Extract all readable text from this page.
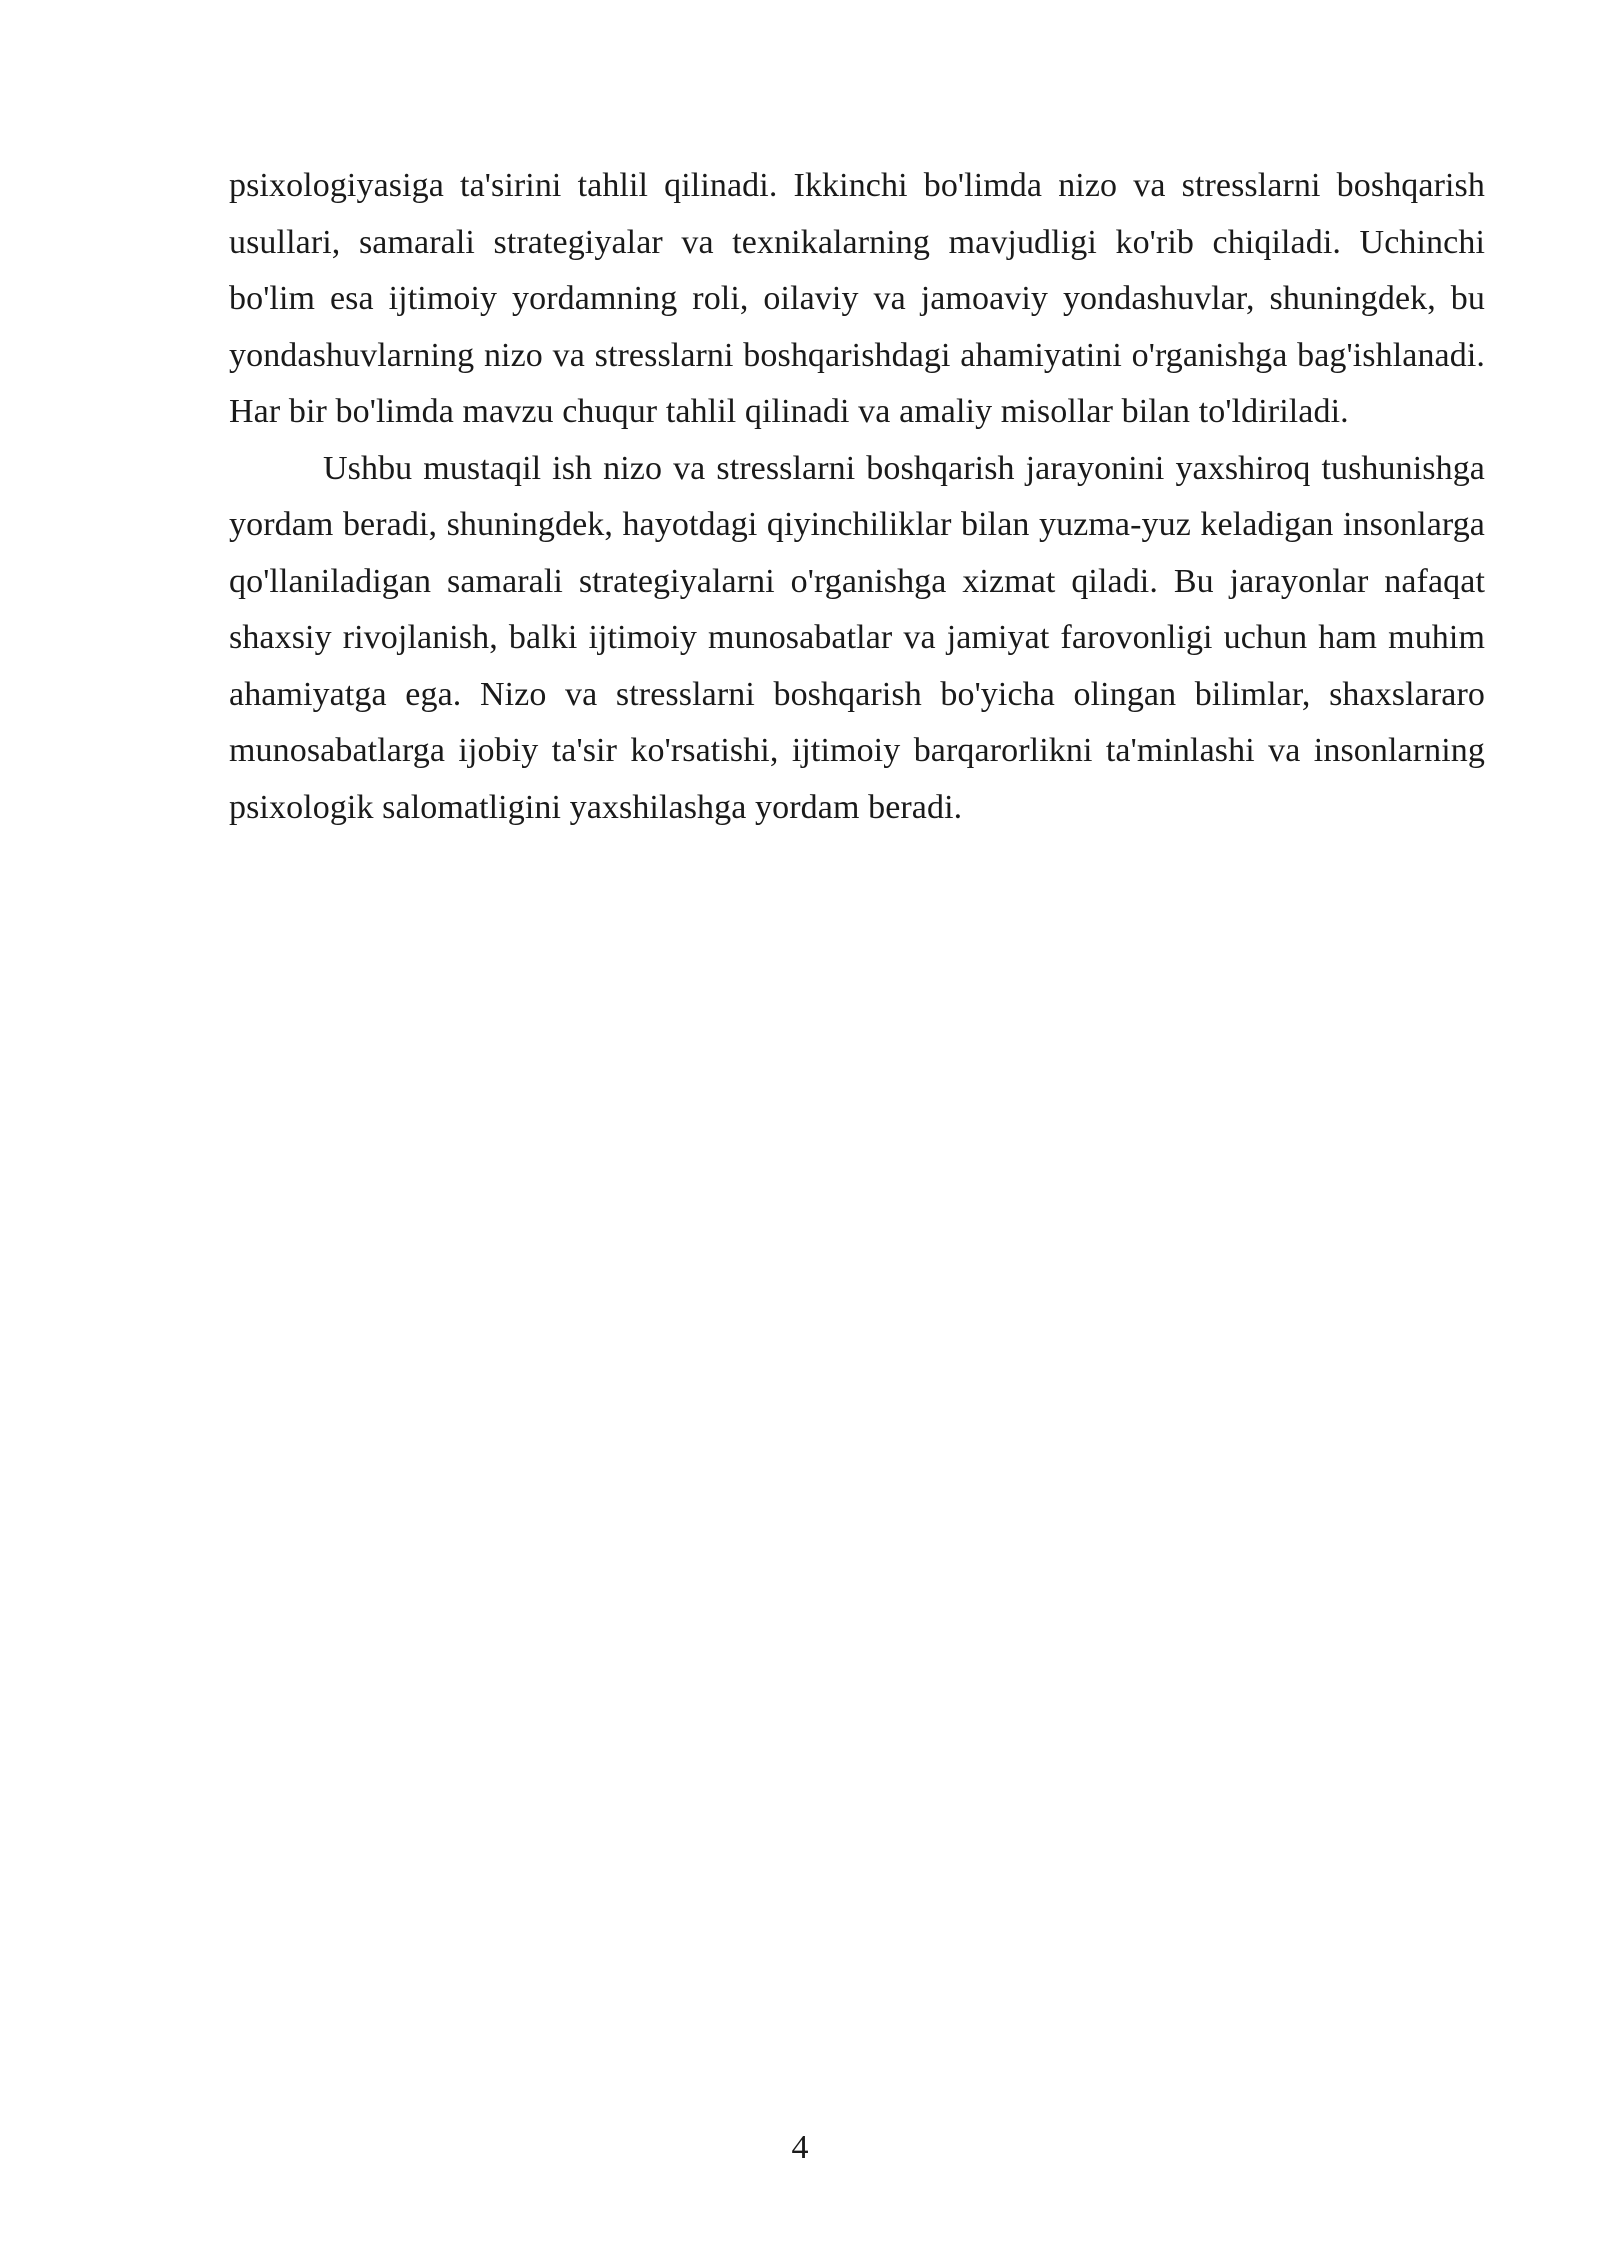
psixologiyasiga ta'sirini tahlil qilinadi. Ikkinchi bo'limda nizo va stresslarni boshqarish usullari, samarali strategiyalar va texnikalarning mavjudligi ko'rib chiqiladi. Uchinchi bo'lim esa ijtimoiy yordamning roli, oilaviy va jamoaviy yondashuvlar, shuningdek, bu yondashuvlarning nizo va stresslarni boshqarishdagi ahamiyatini o'rganishga bag'ishlanadi. Har bir bo'limda mavzu chuqur tahlil qilinadi va amaliy misollar bilan to'ldiriladi.

Ushbu mustaqil ish nizo va stresslarni boshqarish jarayonini yaxshiroq tushunishga yordam beradi, shuningdek, hayotdagi qiyinchiliklar bilan yuzma-yuz keladigan insonlarga qo'llaniladigan samarali strategiyalarni o'rganishga xizmat qiladi. Bu jarayonlar nafaqat shaxsiy rivojlanish, balki ijtimoiy munosabatlar va jamiyat farovonligi uchun ham muhim ahamiyatga ega. Nizo va stresslarni boshqarish bo'yicha olingan bilimlar, shaxslararo munosabatlarga ijobiy ta'sir ko'rsatishi, ijtimoiy barqarorlikni ta'minlashi va insonlarning psixologik salomatligini yaxshilashga yordam beradi.

4
